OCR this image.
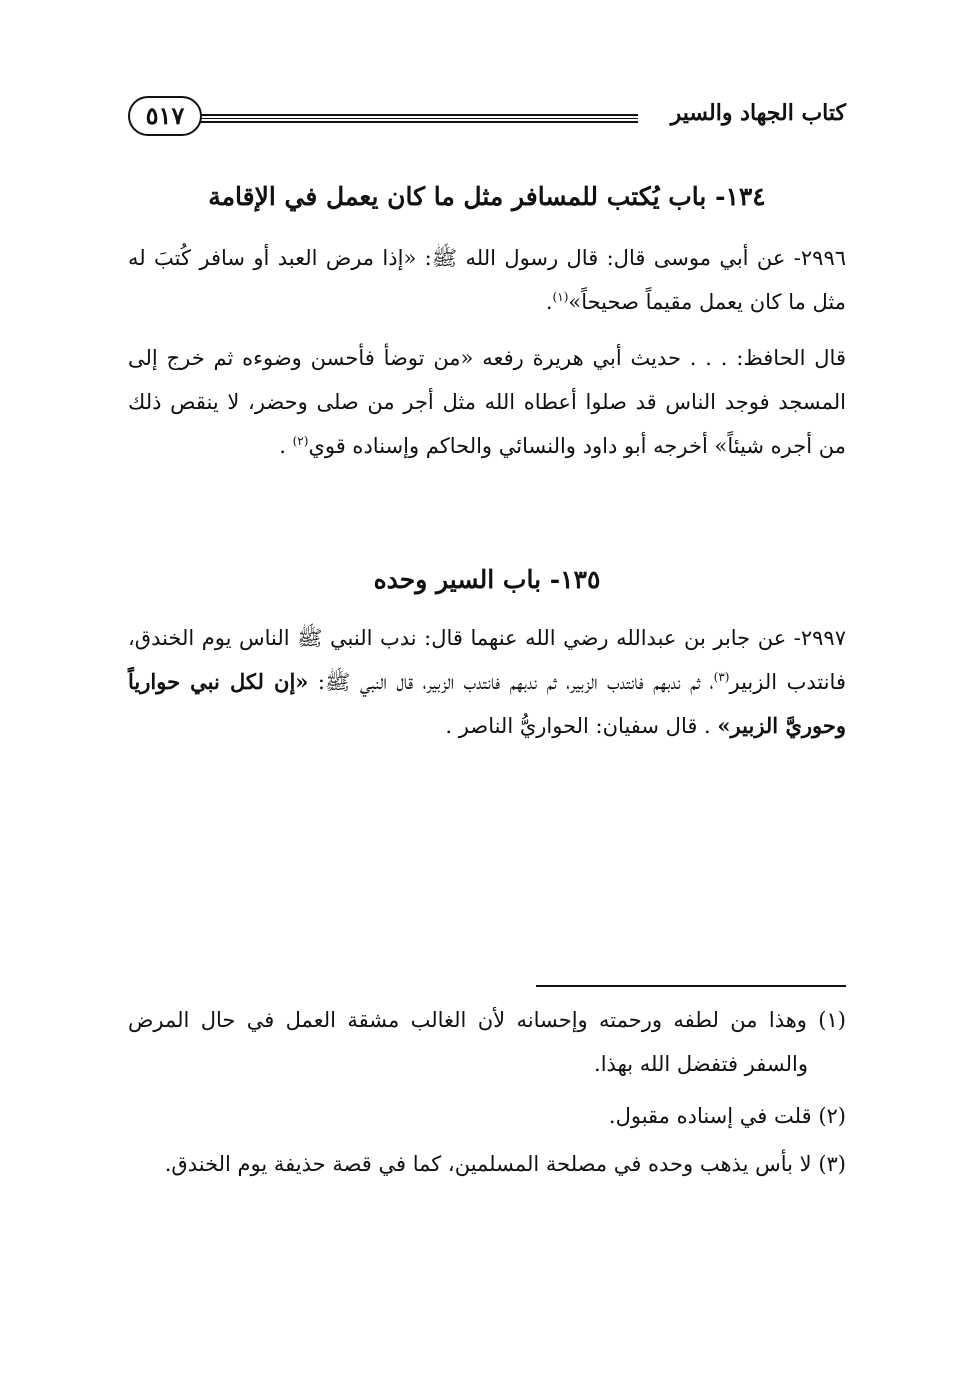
كتاب الجهاد والسير
٥١٧
١٣٤- باب يُكتب للمسافر مثل ما كان يعمل في الإقامة

٢٩٩٦- عن أبي موسى قال: قال رسول الله ﷺ: «إذا مرض العبد أو سافر كُتبَ له مثل ما كان يعمل مقيماً صحيحاً»$^{(١)}$.

قال الحافظ: . . . حديث أبي هريرة رفعه «من توضأ فأحسن وضوءه ثم خرج إلى المسجد فوجد الناس قد صلوا أعطاه الله مثل أجر من صلى وحضر، لا ينقص ذلك من أجره شيئاً» أخرجه أبو داود والنسائي والحاكم وإسناده قوي$^{(٢)}$ .

١٣٥- باب السير وحده

٢٩٩٧- عن جابر بن عبدالله رضي الله عنهما قال: ندب النبي ﷺ الناس يوم الخندق، فانتدب الزبير$^{(٣)}$، ثم ندبهم فانتدب الزبير، ثم ندبهم فانتدب الزبير، قال النبي ﷺ: «إن لكل نبي حوارياً وحوريَّ الزبير» . قال سفيان: الحواريُّ الناصر .

(١) وهذا من لطفه ورحمته وإحسانه لأن الغالب مشقة العمل في حال المرض والسفر فتفضل الله بهذا.

(٢) قلت في إسناده مقبول.

(٣) لا بأس يذهب وحده في مصلحة المسلمين، كما في قصة حذيفة يوم الخندق.
